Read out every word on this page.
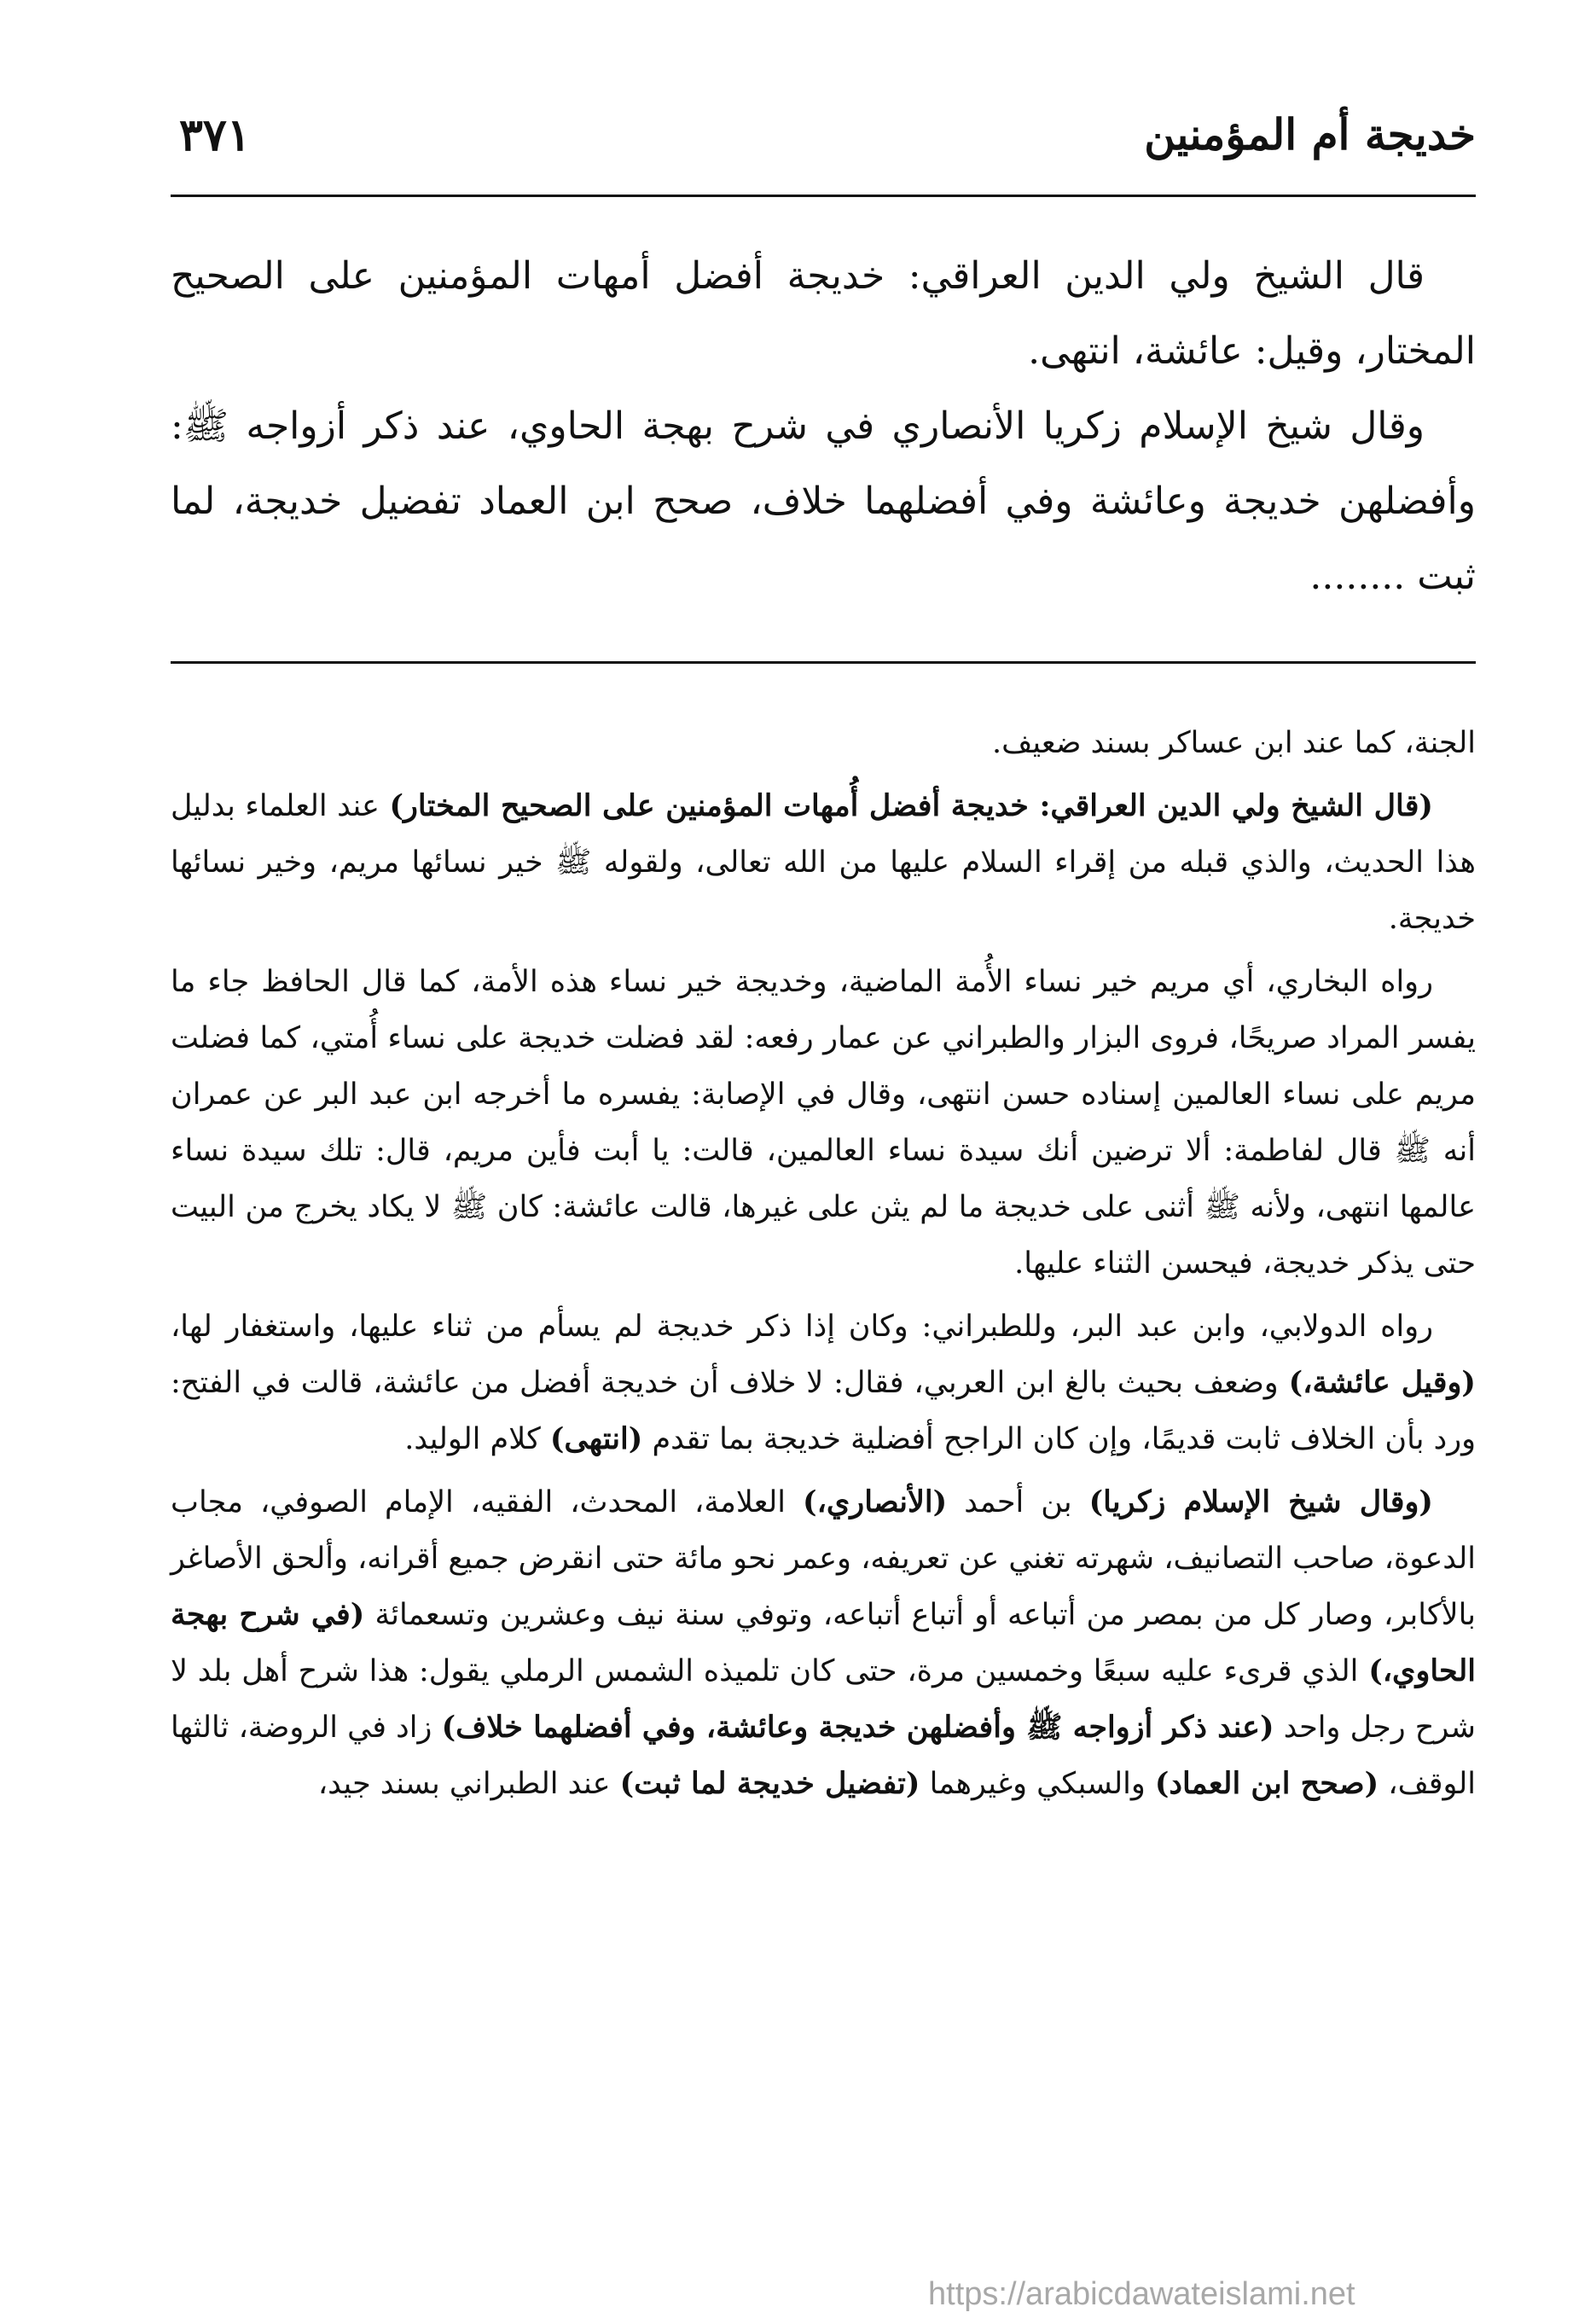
خديجة أم المؤمنين
٣٧١

قال الشيخ ولي الدين العراقي: خديجة أفضل أمهات المؤمنين على الصحيح المختار، وقيل: عائشة، انتهى.

وقال شيخ الإسلام زكريا الأنصاري في شرح بهجة الحاوي، عند ذكر أزواجه ﷺ: وأفضلهن خديجة وعائشة وفي أفضلهما خلاف، صحح ابن العماد تفضيل خديجة، لما ثبت ........

الجنة، كما عند ابن عساكر بسند ضعيف.

(قال الشيخ ولي الدين العراقي: خديجة أفضل أُمهات المؤمنين على الصحيح المختار) عند العلماء بدليل هذا الحديث، والذي قبله من إقراء السلام عليها من الله تعالى، ولقوله ﷺ خير نسائها مريم، وخير نسائها خديجة.

رواه البخاري، أي مريم خير نساء الأُمة الماضية، وخديجة خير نساء هذه الأمة، كما قال الحافظ جاء ما يفسر المراد صريحًا، فروى البزار والطبراني عن عمار رفعه: لقد فضلت خديجة على نساء أُمتي، كما فضلت مريم على نساء العالمين إسناده حسن انتهى، وقال في الإصابة: يفسره ما أخرجه ابن عبد البر عن عمران أنه ﷺ قال لفاطمة: ألا ترضين أنك سيدة نساء العالمين، قالت: يا أبت فأين مريم، قال: تلك سيدة نساء عالمها انتهى، ولأنه ﷺ أثنى على خديجة ما لم يثن على غيرها، قالت عائشة: كان ﷺ لا يكاد يخرج من البيت حتى يذكر خديجة، فيحسن الثناء عليها.

رواه الدولابي، وابن عبد البر، وللطبراني: وكان إذا ذكر خديجة لم يسأم من ثناء عليها، واستغفار لها، (وقيل عائشة،) وضعف بحيث بالغ ابن العربي، فقال: لا خلاف أن خديجة أفضل من عائشة، قالت في الفتح: ورد بأن الخلاف ثابت قديمًا، وإن كان الراجح أفضلية خديجة بما تقدم (انتهى) كلام الوليد.

(وقال شيخ الإسلام زكريا) بن أحمد (الأنصاري،) العلامة، المحدث، الفقيه، الإمام الصوفي، مجاب الدعوة، صاحب التصانيف، شهرته تغني عن تعريفه، وعمر نحو مائة حتى انقرض جميع أقرانه، وألحق الأصاغر بالأكابر، وصار كل من بمصر من أتباعه أو أتباع أتباعه، وتوفي سنة نيف وعشرين وتسعمائة (في شرح بهجة الحاوي،) الذي قرىء عليه سبعًا وخمسين مرة، حتى كان تلميذه الشمس الرملي يقول: هذا شرح أهل بلد لا شرح رجل واحد (عند ذكر أزواجه ﷺ وأفضلهن خديجة وعائشة، وفي أفضلهما خلاف) زاد في الروضة، ثالثها الوقف، (صحح ابن العماد) والسبكي وغيرهما (تفضيل خديجة لما ثبت) عند الطبراني بسند جيد،

https://arabicdawateislami.net
